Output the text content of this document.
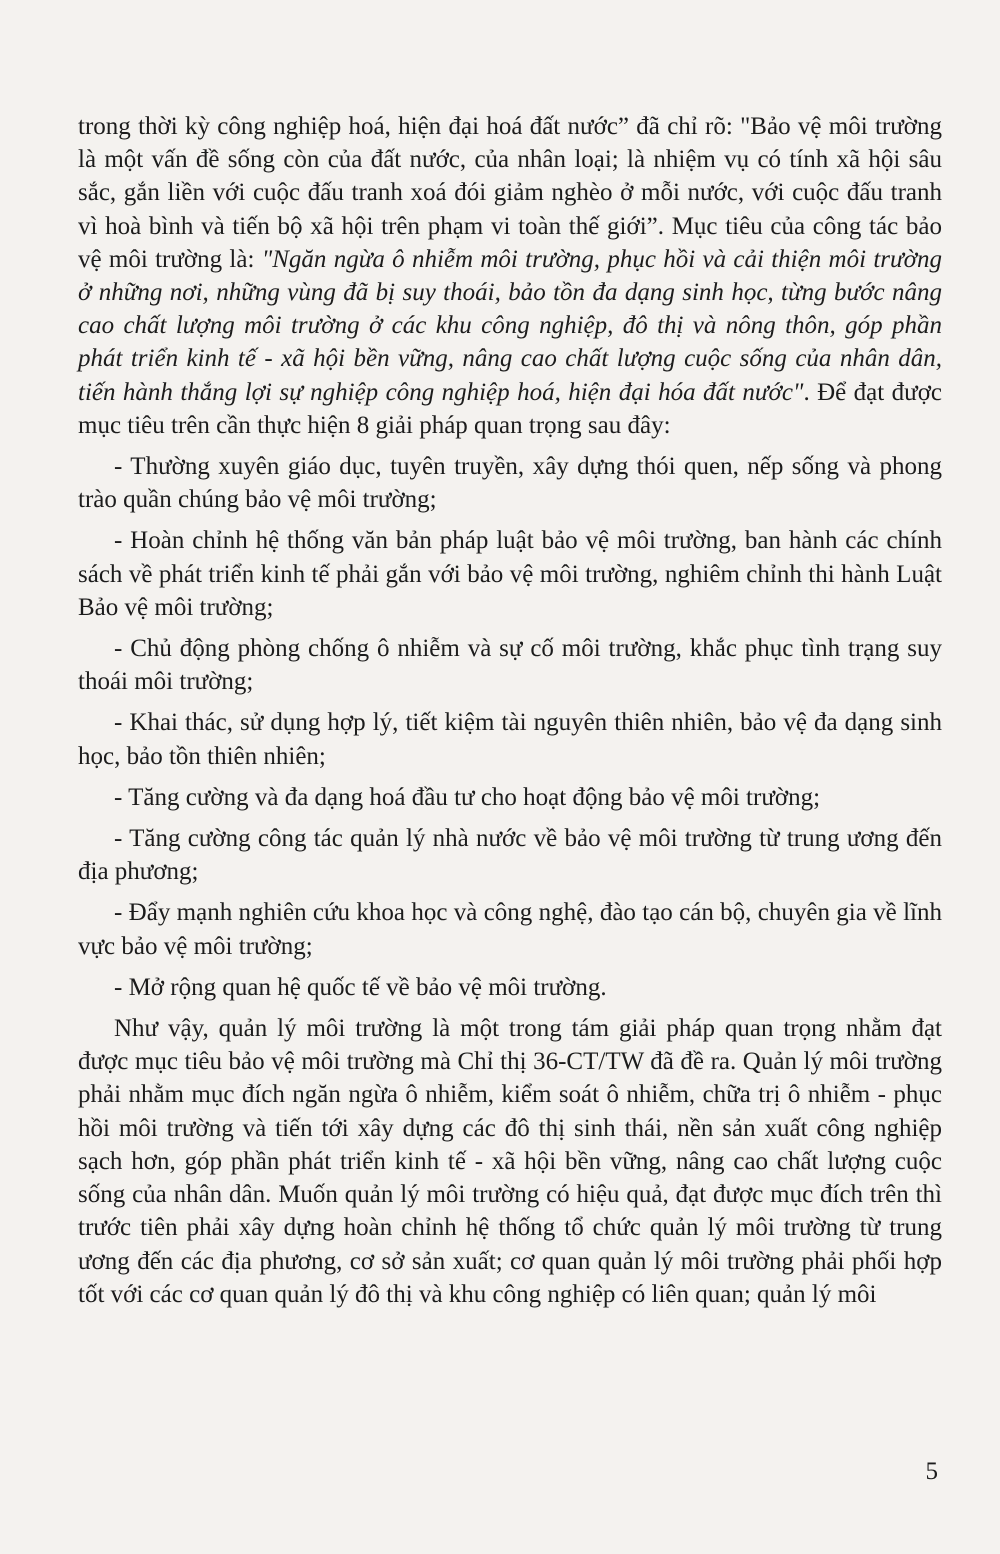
trong thời kỳ công nghiệp hoá, hiện đại hoá đất nước” đã chỉ rõ: "Bảo vệ môi trường là một vấn đề sống còn của đất nước, của nhân loại; là nhiệm vụ có tính xã hội sâu sắc, gắn liền với cuộc đấu tranh xoá đói giảm nghèo ở mỗi nước, với cuộc đấu tranh vì hoà bình và tiến bộ xã hội trên phạm vi toàn thế giới”. Mục tiêu của công tác bảo vệ môi trường là: "Ngăn ngừa ô nhiễm môi trường, phục hồi và cải thiện môi trường ở những nơi, những vùng đã bị suy thoái, bảo tồn đa dạng sinh học, từng bước nâng cao chất lượng môi trường ở các khu công nghiệp, đô thị và nông thôn, góp phần phát triển kinh tế - xã hội bền vững, nâng cao chất lượng cuộc sống của nhân dân, tiến hành thắng lợi sự nghiệp công nghiệp hoá, hiện đại hóa đất nước". Để đạt được mục tiêu trên cần thực hiện 8 giải pháp quan trọng sau đây:

- Thường xuyên giáo dục, tuyên truyền, xây dựng thói quen, nếp sống và phong trào quần chúng bảo vệ môi trường;

- Hoàn chỉnh hệ thống văn bản pháp luật bảo vệ môi trường, ban hành các chính sách về phát triển kinh tế phải gắn với bảo vệ môi trường, nghiêm chỉnh thi hành Luật Bảo vệ môi trường;

- Chủ động phòng chống ô nhiễm và sự cố môi trường, khắc phục tình trạng suy thoái môi trường;

- Khai thác, sử dụng hợp lý, tiết kiệm tài nguyên thiên nhiên, bảo vệ đa dạng sinh học, bảo tồn thiên nhiên;

- Tăng cường và đa dạng hoá đầu tư cho hoạt động bảo vệ môi trường;

- Tăng cường công tác quản lý nhà nước về bảo vệ môi trường từ trung ương đến địa phương;

- Đẩy mạnh nghiên cứu khoa học và công nghệ, đào tạo cán bộ, chuyên gia về lĩnh vực bảo vệ môi trường;

- Mở rộng quan hệ quốc tế về bảo vệ môi trường.

Như vậy, quản lý môi trường là một trong tám giải pháp quan trọng nhằm đạt được mục tiêu bảo vệ môi trường mà Chỉ thị 36-CT/TW đã đề ra. Quản lý môi trường phải nhằm mục đích ngăn ngừa ô nhiễm, kiểm soát ô nhiễm, chữa trị ô nhiễm - phục hồi môi trường và tiến tới xây dựng các đô thị sinh thái, nền sản xuất công nghiệp sạch hơn, góp phần phát triển kinh tế - xã hội bền vững, nâng cao chất lượng cuộc sống của nhân dân. Muốn quản lý môi trường có hiệu quả, đạt được mục đích trên thì trước tiên phải xây dựng hoàn chỉnh hệ thống tổ chức quản lý môi trường từ trung ương đến các địa phương, cơ sở sản xuất; cơ quan quản lý môi trường phải phối hợp tốt với các cơ quan quản lý đô thị và khu công nghiệp có liên quan; quản lý môi

5
